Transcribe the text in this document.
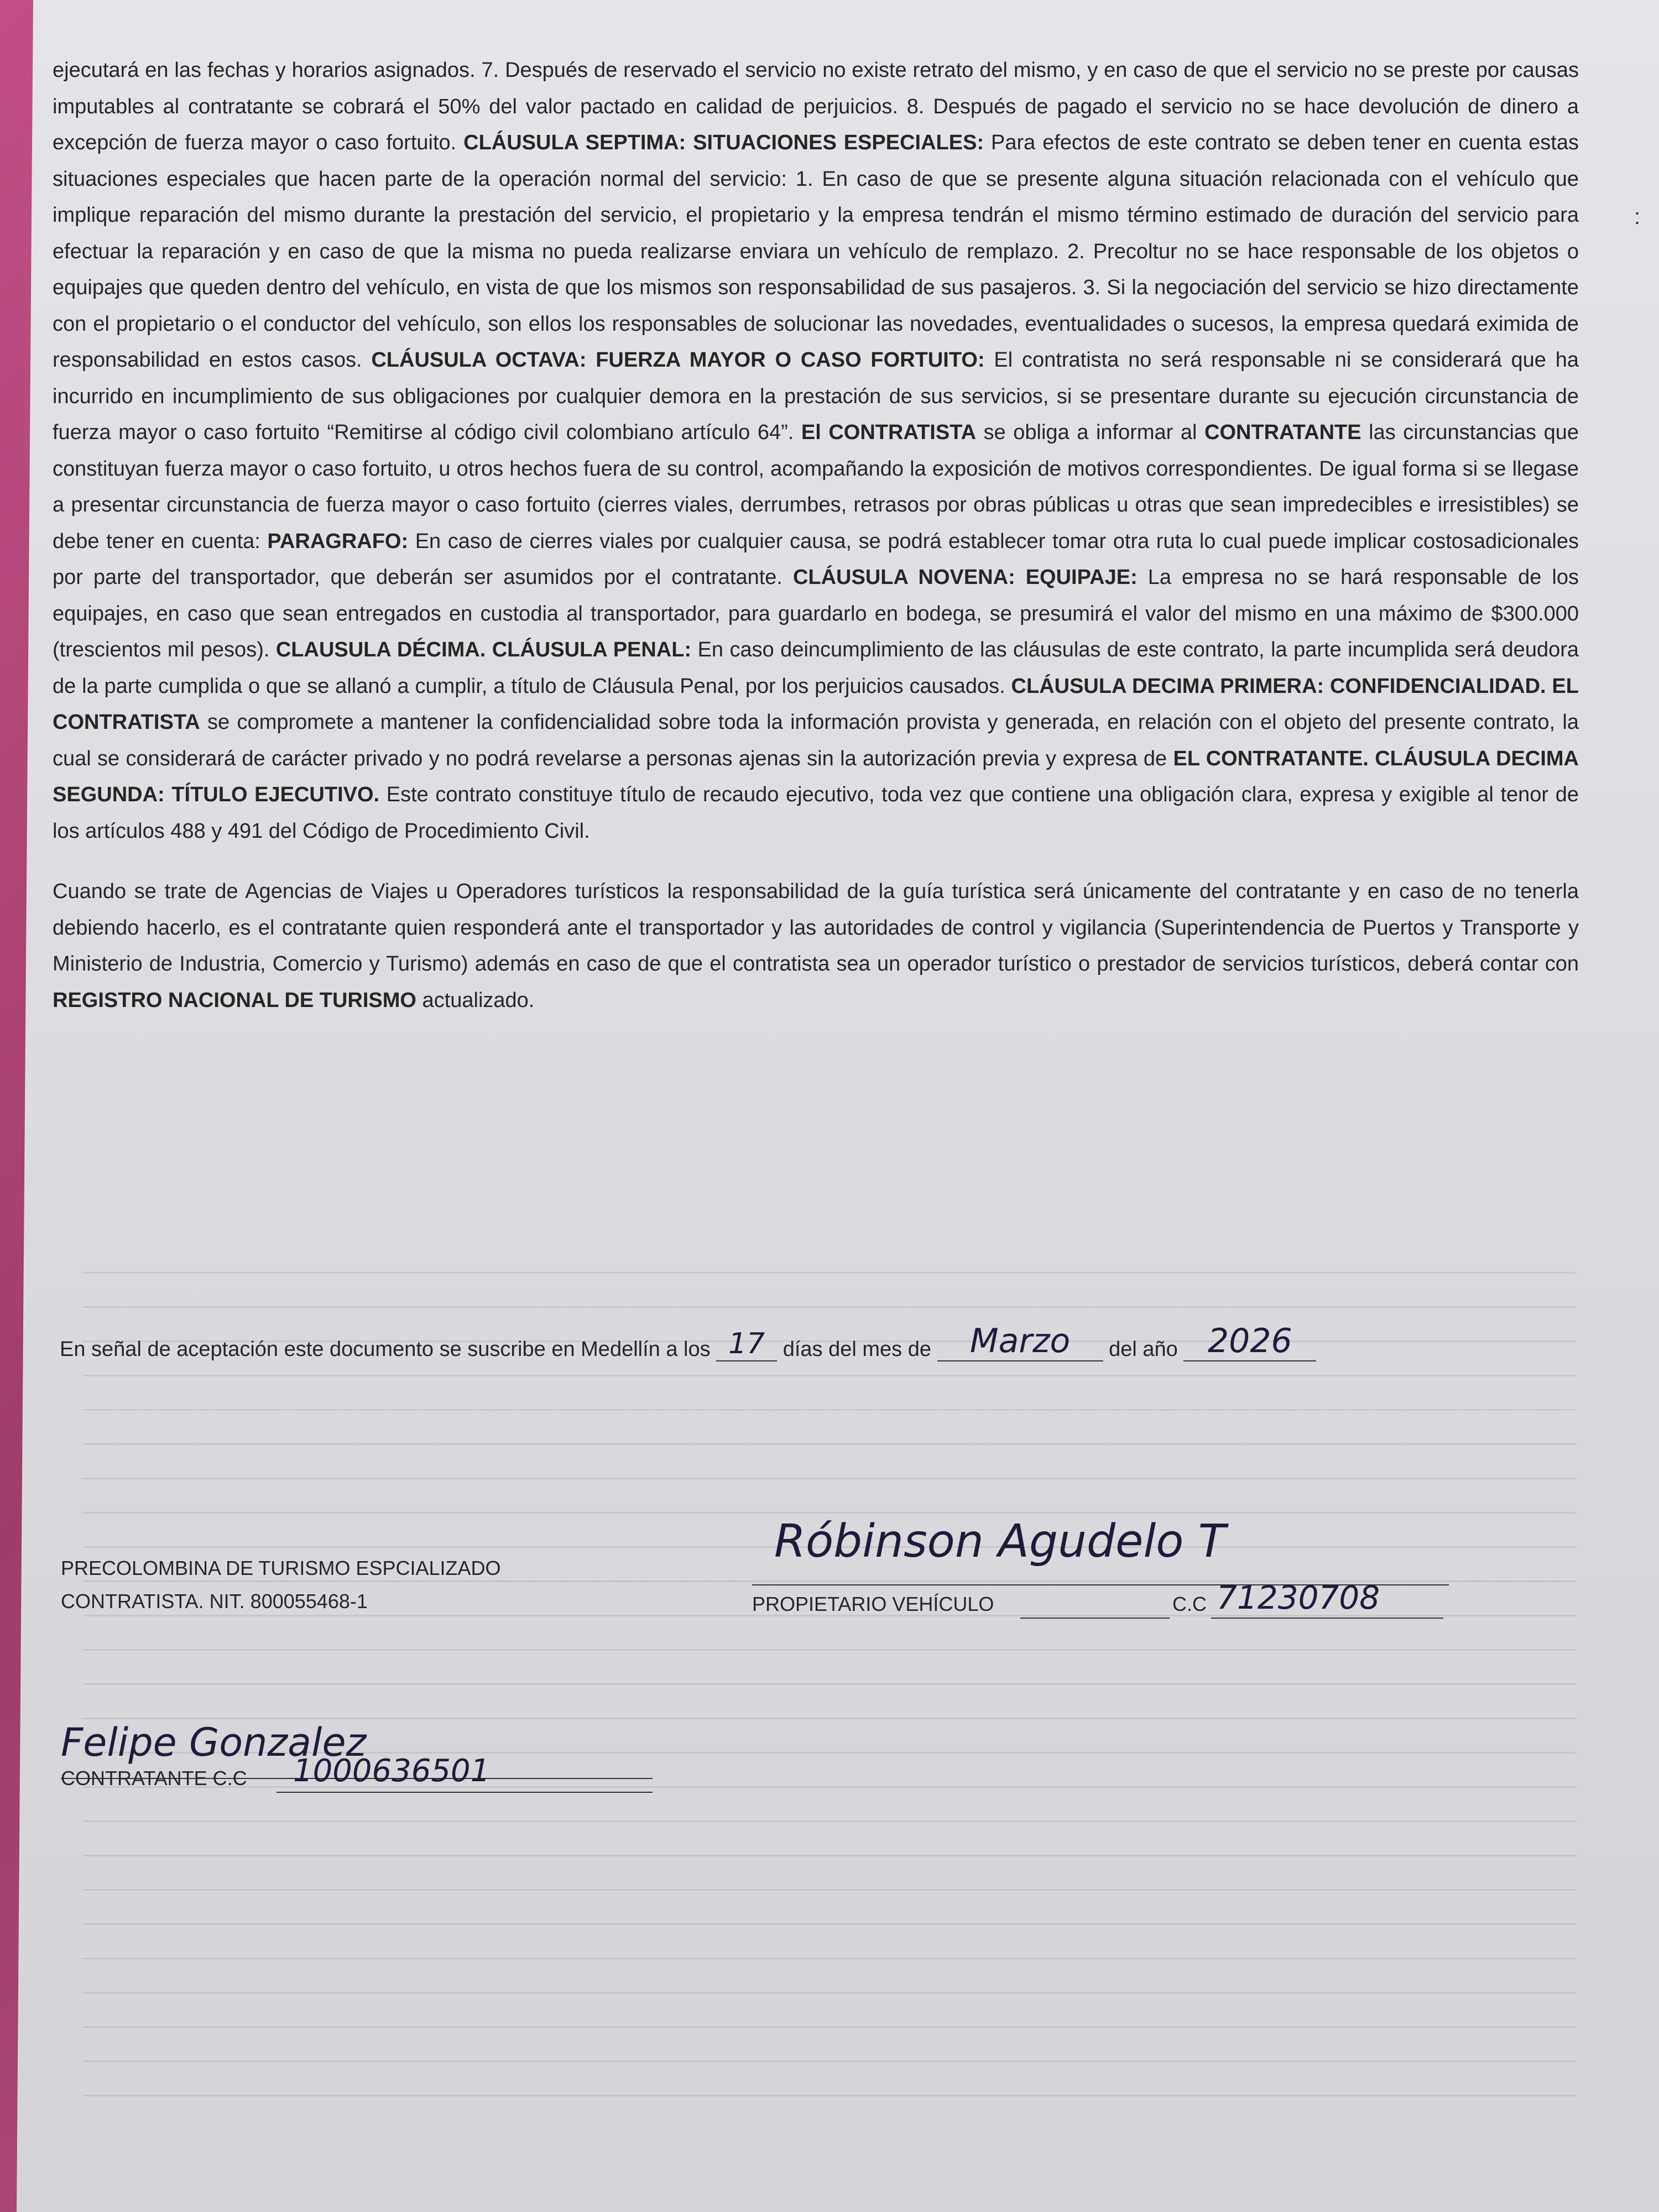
:

ejecutará en las fechas y horarios asignados. 7. Después de reservado el servicio no existe retrato del mismo, y en caso de que el servicio no se preste por causas imputables al contratante se cobrará el 50% del valor pactado en calidad de perjuicios. 8. Después de pagado el servicio no se hace devolución de dinero a excepción de fuerza mayor o caso fortuito. CLÁUSULA SEPTIMA: SITUACIONES ESPECIALES: Para efectos de este contrato se deben tener en cuenta estas situaciones especiales que hacen parte de la operación normal del servicio: 1. En caso de que se presente alguna situación relacionada con el vehículo que implique reparación del mismo durante la prestación del servicio, el propietario y la empresa tendrán el mismo término estimado de duración del servicio para efectuar la reparación y en caso de que la misma no pueda realizarse enviara un vehículo de remplazo. 2. Precoltur no se hace responsable de los objetos o equipajes que queden dentro del vehículo, en vista de que los mismos son responsabilidad de sus pasajeros. 3. Si la negociación del servicio se hizo directamente con el propietario o el conductor del vehículo, son ellos los responsables de solucionar las novedades, eventualidades o sucesos, la empresa quedará eximida de responsabilidad en estos casos. CLÁUSULA OCTAVA: FUERZA MAYOR O CASO FORTUITO: El contratista no será responsable ni se considerará que ha incurrido en incumplimiento de sus obligaciones por cualquier demora en la prestación de sus servicios, si se presentare durante su ejecución circunstancia de fuerza mayor o caso fortuito “Remitirse al código civil colombiano artículo 64”. El CONTRATISTA se obliga a informar al CONTRATANTE las circunstancias que constituyan fuerza mayor o caso fortuito, u otros hechos fuera de su control, acompañando la exposición de motivos correspondientes. De igual forma si se llegase a presentar circunstancia de fuerza mayor o caso fortuito (cierres viales, derrumbes, retrasos por obras públicas u otras que sean impredecibles e irresistibles) se debe tener en cuenta: PARAGRAFO: En caso de cierres viales por cualquier causa, se podrá establecer tomar otra ruta lo cual puede implicar costosadicionales por parte del transportador, que deberán ser asumidos por el contratante. CLÁUSULA NOVENA: EQUIPAJE: La empresa no se hará responsable de los equipajes, en caso que sean entregados en custodia al transportador, para guardarlo en bodega, se presumirá el valor del mismo en una máximo de $300.000 (trescientos mil pesos). CLAUSULA DÉCIMA. CLÁUSULA PENAL: En caso deincumplimiento de las cláusulas de este contrato, la parte incumplida será deudora de la parte cumplida o que se allanó a cumplir, a título de Cláusula Penal, por los perjuicios causados. CLÁUSULA DECIMA PRIMERA: CONFIDENCIALIDAD. EL CONTRATISTA se compromete a mantener la confidencialidad sobre toda la información provista y generada, en relación con el objeto del presente contrato, la cual se considerará de carácter privado y no podrá revelarse a personas ajenas sin la autorización previa y expresa de EL CONTRATANTE. CLÁUSULA DECIMA SEGUNDA: TÍTULO EJECUTIVO. Este contrato constituye título de recaudo ejecutivo, toda vez que contiene una obligación clara, expresa y exigible al tenor de los artículos 488 y 491 del Código de Procedimiento Civil.

Cuando se trate de Agencias de Viajes u Operadores turísticos la responsabilidad de la guía turística será únicamente del contratante y en caso de no tenerla debiendo hacerlo, es el contratante quien responderá ante el transportador y las autoridades de control y vigilancia (Superintendencia de Puertos y Transporte y Ministerio de Industria, Comercio y Turismo) además en caso de que el contratista sea un operador turístico o prestador de servicios turísticos, deberá contar con REGISTRO NACIONAL DE TURISMO actualizado.

En señal de aceptación este documento se suscribe en Medellín a los 17 días del mes de Marzo del año 2026
PRECOLOMBINA DE TURISMO ESPCIALIZADO
CONTRATISTA. NIT. 800055468-1
Róbinson Agudelo T
PROPIETARIO VEHÍCULO	C.C 71230708
Felipe Gonzalez
CONTRATANTE C.C 1000636501
